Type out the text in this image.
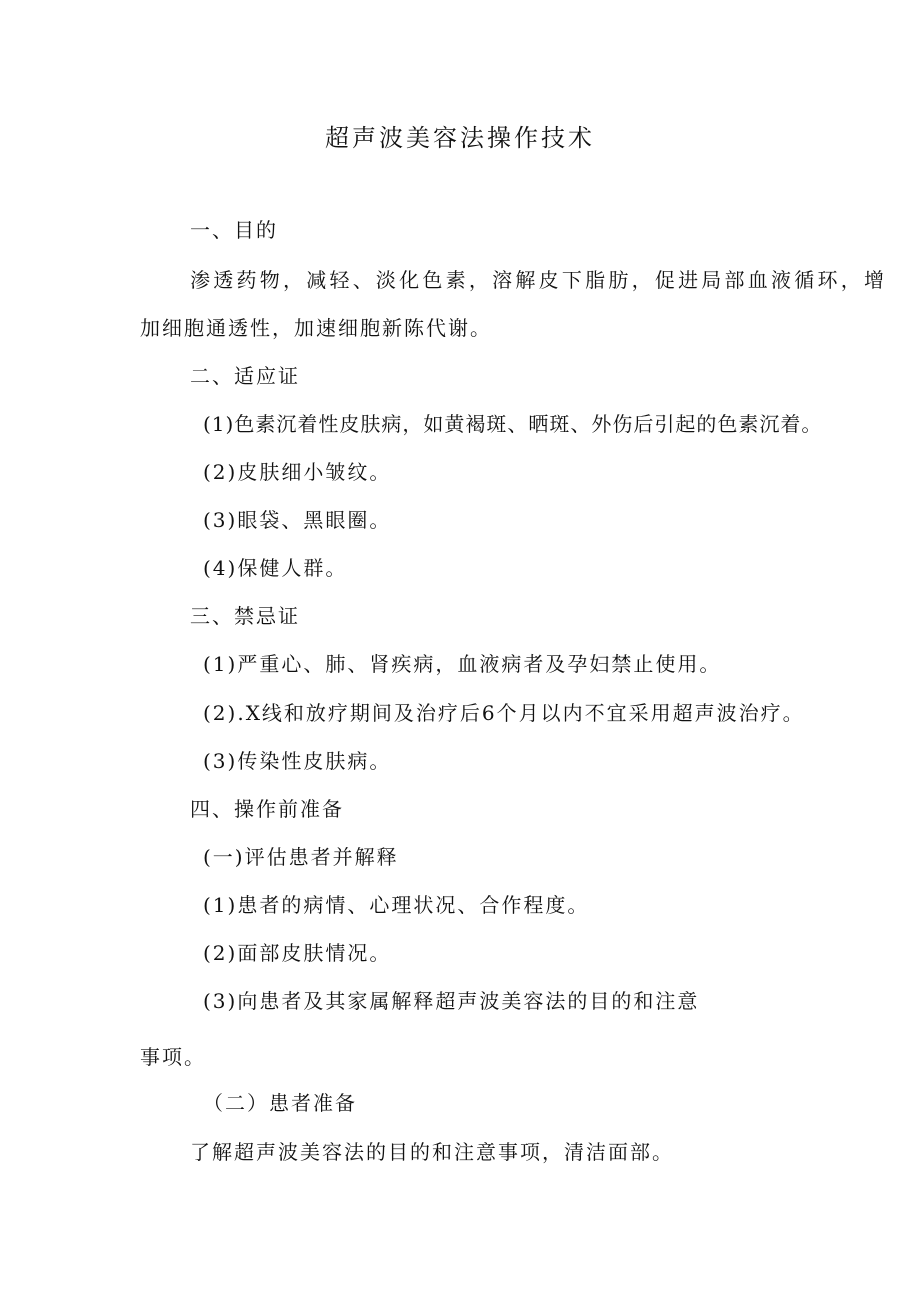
超声波美容法操作技术
一、目的
渗透药物，减轻、淡化色素，溶解皮下脂肪，促进局部血液循环，增
加细胞通透性，加速细胞新陈代谢。
二、适应证
(1)色素沉着性皮肤病，如黄褐斑、晒斑、外伤后引起的色素沉着。
(2)皮肤细小皱纹。
(3)眼袋、黑眼圈。
(4)保健人群。
三、禁忌证
(1)严重心、肺、肾疾病，血液病者及孕妇禁止使用。
(2).X线和放疗期间及治疗后6个月以内不宜采用超声波治疗。
(3)传染性皮肤病。
四、操作前准备
(一)评估患者并解释
(1)患者的病情、心理状况、合作程度。
(2)面部皮肤情况。
(3)向患者及其家属解释超声波美容法的目的和注意
事项。
（二）患者准备
了解超声波美容法的目的和注意事项，清洁面部。
